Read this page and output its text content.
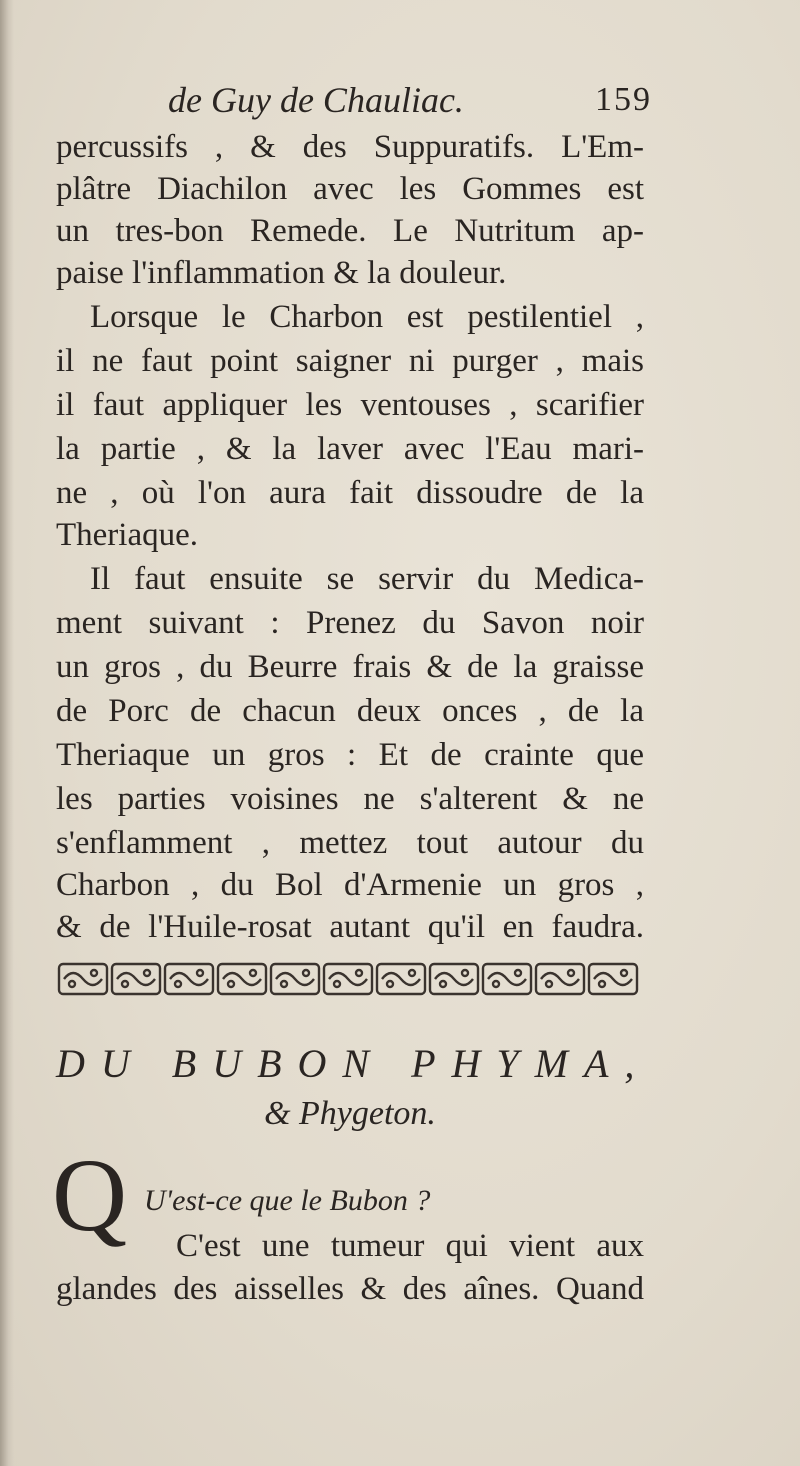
de Guy de Chauliac.	159
percussifs , & des Suppuratifs. L'Em-
plâtre Diachilon avec les Gommes est
un tres-bon Remede. Le Nutritum ap-
paise l'inflammation & la douleur.
Lorsque le Charbon est pestilentiel ,
il ne faut point saigner ni purger , mais
il faut appliquer les ventouses , scarifier
la partie , & la laver avec l'Eau mari-
ne , où l'on aura fait dissoudre de la
Theriaque.
Il faut ensuite se servir du Medica-
ment suivant : Prenez du Savon noir
un gros , du Beurre frais & de la graisse
de Porc de chacun deux onces , de la
Theriaque un gros : Et de crainte que
les parties voisines ne s'alterent & ne
s'enflamment , mettez tout autour du
Charbon , du Bol d'Armenie un gros ,
& de l'Huile-rosat autant qu'il en faudra.
DU BUBON PHYMA,
& Phygeton.
Q U'est-ce que le Bubon ?
C'est une tumeur qui vient aux
glandes des aisselles & des aînes. Quand
